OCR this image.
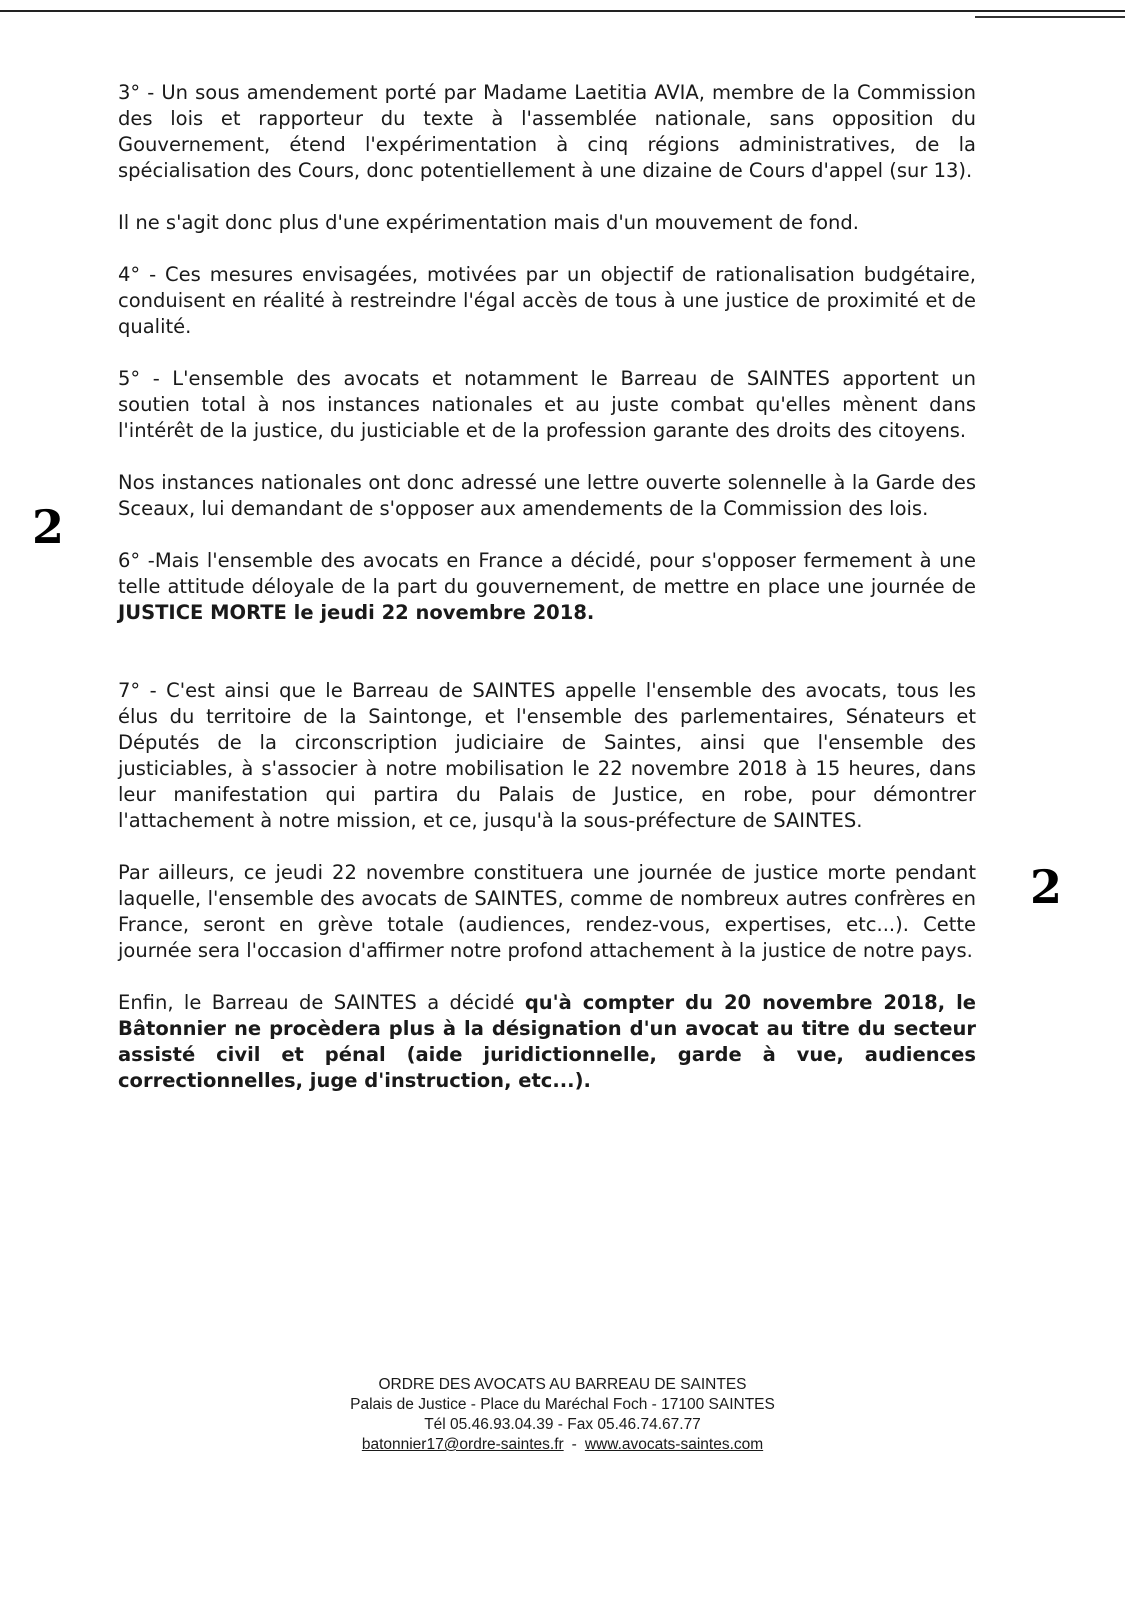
2
2

3° - Un sous amendement porté par Madame Laetitia AVIA, membre de la Commission des lois et rapporteur du texte à l'assemblée nationale, sans opposition du Gouvernement, étend l'expérimentation à cinq régions administratives, de la spécialisation des Cours, donc potentiellement à une dizaine de Cours d'appel (sur 13).

Il ne s'agit donc plus d'une expérimentation mais d'un mouvement de fond.

4° - Ces mesures envisagées, motivées par un objectif de rationalisation budgétaire, conduisent en réalité à restreindre l'égal accès de tous à une justice de proximité et de qualité.

5° - L'ensemble des avocats et notamment le Barreau de SAINTES apportent un soutien total à nos instances nationales et au juste combat qu'elles mènent dans l'intérêt de la justice, du justiciable et de la profession garante des droits des citoyens.

Nos instances nationales ont donc adressé une lettre ouverte solennelle à la Garde des Sceaux, lui demandant de s'opposer aux amendements de la Commission des lois.

6° -Mais l'ensemble des avocats en France a décidé, pour s'opposer fermement à une telle attitude déloyale de la part du gouvernement, de mettre en place une journée de JUSTICE MORTE le jeudi 22 novembre 2018.

7° - C'est ainsi que le Barreau de SAINTES appelle l'ensemble des avocats, tous les élus du territoire de la Saintonge, et l'ensemble des parlementaires, Sénateurs et Députés de la circonscription judiciaire de Saintes, ainsi que l'ensemble des justiciables, à s'associer à notre mobilisation le 22 novembre 2018 à 15 heures, dans leur manifestation qui partira du Palais de Justice, en robe, pour démontrer l'attachement à notre mission, et ce, jusqu'à la sous-préfecture de SAINTES.

Par ailleurs, ce jeudi 22 novembre constituera une journée de justice morte pendant laquelle, l'ensemble des avocats de SAINTES, comme de nombreux autres confrères en France, seront en grève totale (audiences, rendez-vous, expertises, etc...). Cette journée sera l'occasion d'affirmer notre profond attachement à la justice de notre pays.

Enfin, le Barreau de SAINTES a décidé qu'à compter du 20 novembre 2018, le Bâtonnier ne procèdera plus à la désignation d'un avocat au titre du secteur assisté civil et pénal (aide juridictionnelle, garde à vue, audiences correctionnelles, juge d'instruction, etc...).

ORDRE DES AVOCATS AU BARREAU DE SAINTES
Palais de Justice - Place du Maréchal Foch - 17100 SAINTES
Tél 05.46.93.04.39 - Fax 05.46.74.67.77
batonnier17@ordre-saintes.fr - www.avocats-saintes.com
